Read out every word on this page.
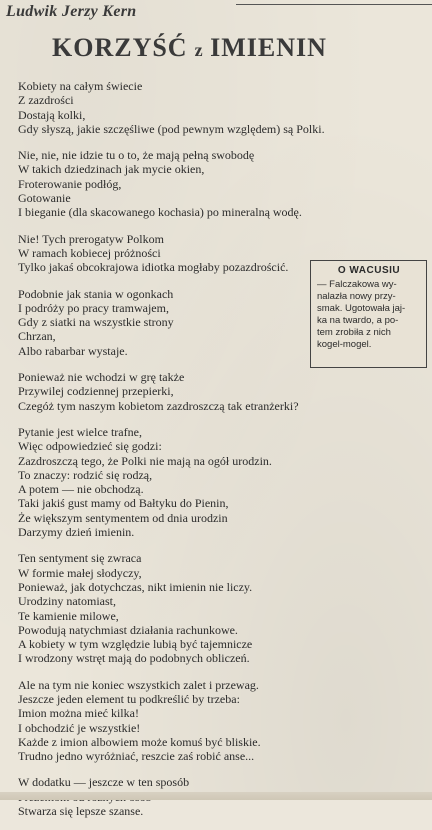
Ludwik Jerzy Kern
KORZYŚĆ z IMIENIN

Kobiety na całym świecie
Z zazdrości
Dostają kolki,
Gdy słyszą, jakie szczęśliwe (pod pewnym względem) są Polki.

Nie, nie, nie idzie tu o to, że mają pełną swobodę
W takich dziedzinach jak mycie okien,
Froterowanie podłóg,
Gotowanie
I bieganie (dla skacowanego kochasia) po mineralną wodę.

Nie! Tych prerogatyw Polkom
W ramach kobiecej próżności
Tylko jakaś obcokrajowa idiotka mogłaby pozazdrościć.

Podobnie jak stania w ogonkach
I podróży po pracy tramwajem,
Gdy z siatki na wszystkie strony
Chrzan,
Albo rabarbar wystaje.

Ponieważ nie wchodzi w grę także
Przywilej codziennej przepierki,
Czegóż tym naszym kobietom zazdroszczą tak etranżerki?

Pytanie jest wielce trafne,
Więc odpowiedzieć się godzi:
Zazdroszczą tego, że Polki nie mają na ogół urodzin.
To znaczy: rodzić się rodzą,
A potem — nie obchodzą.
Taki jakiś gust mamy od Bałtyku do Pienin,
Że większym sentymentem od dnia urodzin
Darzymy dzień imienin.

Ten sentyment się zwraca
W formie małej słodyczy,
Ponieważ, jak dotychczas, nikt imienin nie liczy.
Urodziny natomiast,
Te kamienie milowe,
Powodują natychmiast działania rachunkowe.
A kobiety w tym względzie lubią być tajemnicze
I wrodzony wstręt mają do podobnych obliczeń.

Ale na tym nie koniec wszystkich zalet i przewag.
Jeszcze jeden element tu podkreślić by trzeba:
Imion można mieć kilka!
I obchodzić je wszystkie!
Każde z imion albowiem może komuś być bliskie.
Trudno jedno wyróżniać, reszcie zaś robić anse...

W dodatku — jeszcze w ten sposób
Stwarza się lepsze szanse.

O WACUSIU
— Falczakowa wy-
nalazła nowy przy-
smak. Ugotowała jaj-
ka na twardo, a po-
tem zrobiła z nich
kogel-mogel.
